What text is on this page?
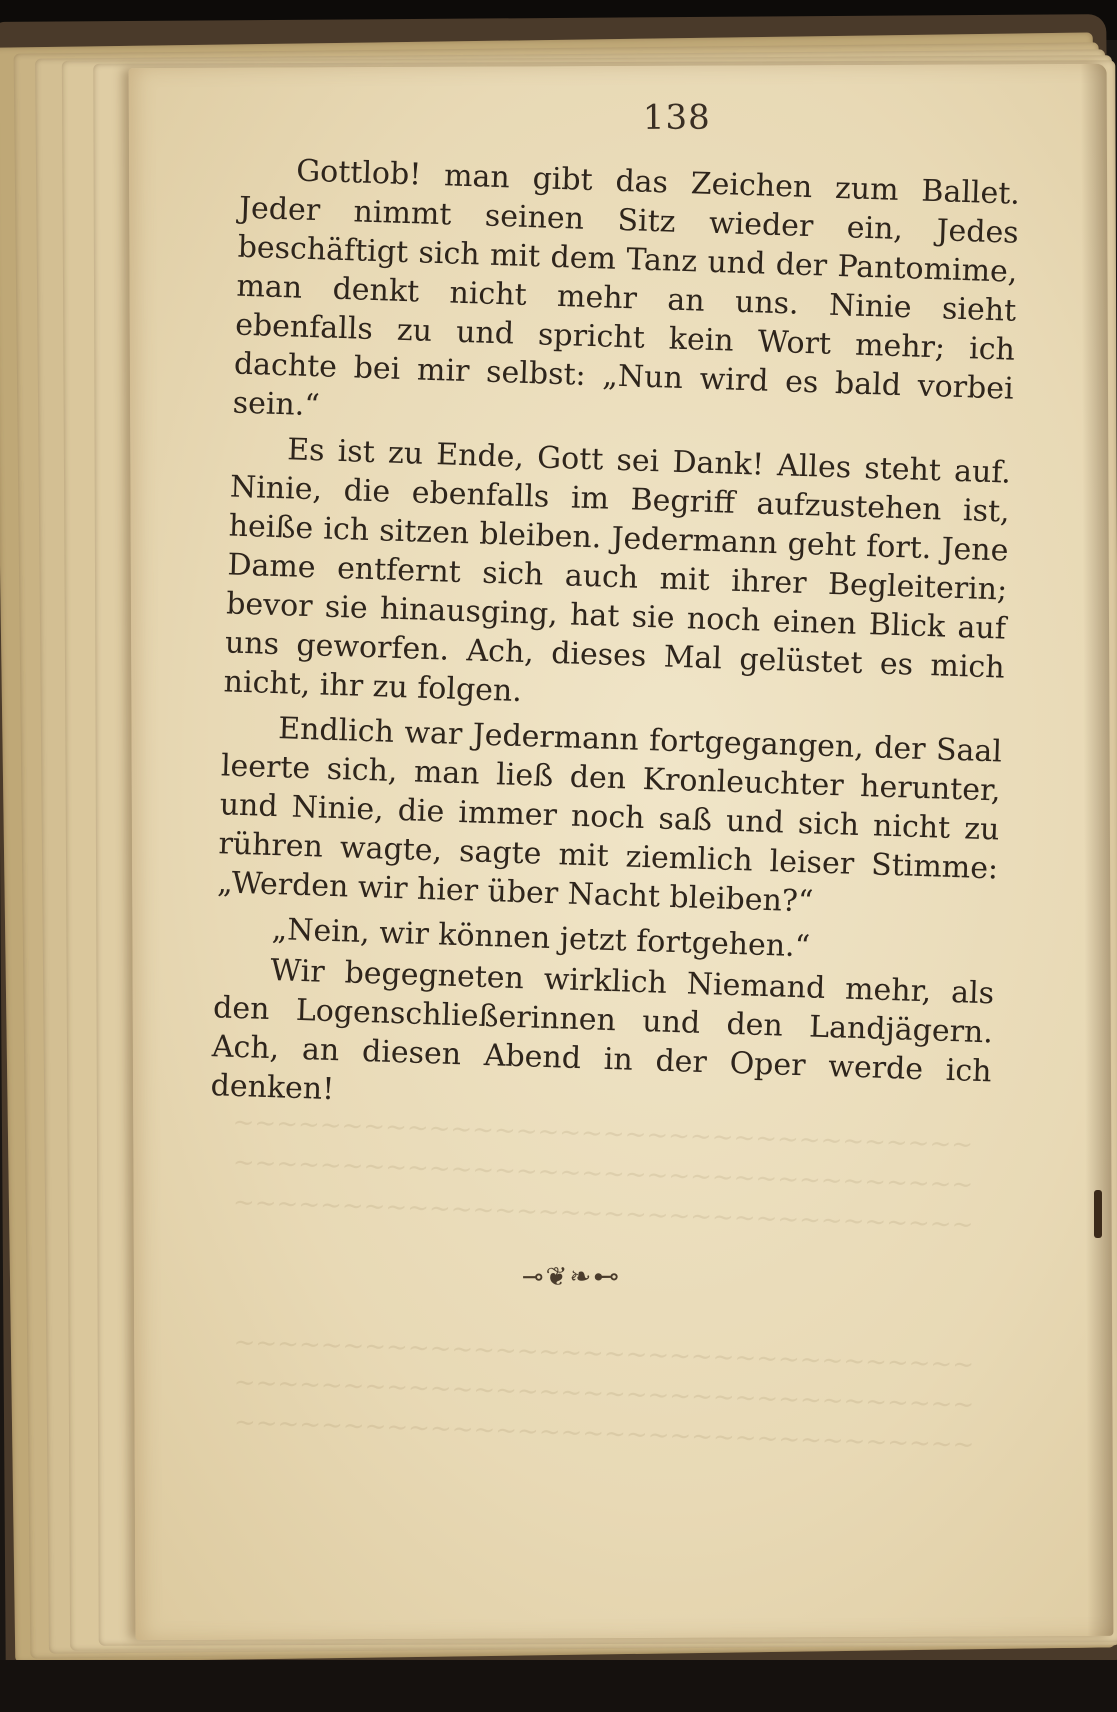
138

Gottlob! man gibt das Zeichen zum Ballet. Jeder nimmt seinen Sitz wieder ein, Jedes beschäftigt sich mit dem Tanz und der Pantomime, man denkt nicht mehr an uns. Ninie sieht ebenfalls zu und spricht kein Wort mehr; ich dachte bei mir selbst: „Nun wird es bald vorbei sein.“

Es ist zu Ende, Gott sei Dank! Alles steht auf. Ninie, die ebenfalls im Begriff aufzustehen ist, heiße ich sitzen bleiben. Jedermann geht fort. Jene Dame entfernt sich auch mit ihrer Begleiterin; bevor sie hinausging, hat sie noch einen Blick auf uns geworfen. Ach, dieses Mal gelüstet es mich nicht, ihr zu folgen.

Endlich war Jedermann fortgegangen, der Saal leerte sich, man ließ den Kronleuchter herunter, und Ninie, die immer noch saß und sich nicht zu rühren wagte, sagte mit ziemlich leiser Stimme: „Werden wir hier über Nacht bleiben?“

„Nein, wir können jetzt fortgehen.“

Wir begegneten wirklich Niemand mehr, als den Logenschließerinnen und den Landjägern. Ach, an diesen Abend in der Oper werde ich denken!

⊸❦❧⊷
~~~~~~~~~~~~~~~~~~~~~~~~~~~~~~~~~~
~~~~~~~~~~~~~~~~~~~~~~~~~~~~~~~~~~
~~~~~~~~~~~~~~~~~~~~~~~~~~~~~~~~~~
~~~~~~~~~~~~~~~~~~~~~~~~~~~~~~~~~~
~~~~~~~~~~~~~~~~~~~~~~~~~~~~~~~~~~
~~~~~~~~~~~~~~~~~~~~~~~~~~~~~~~~~~
